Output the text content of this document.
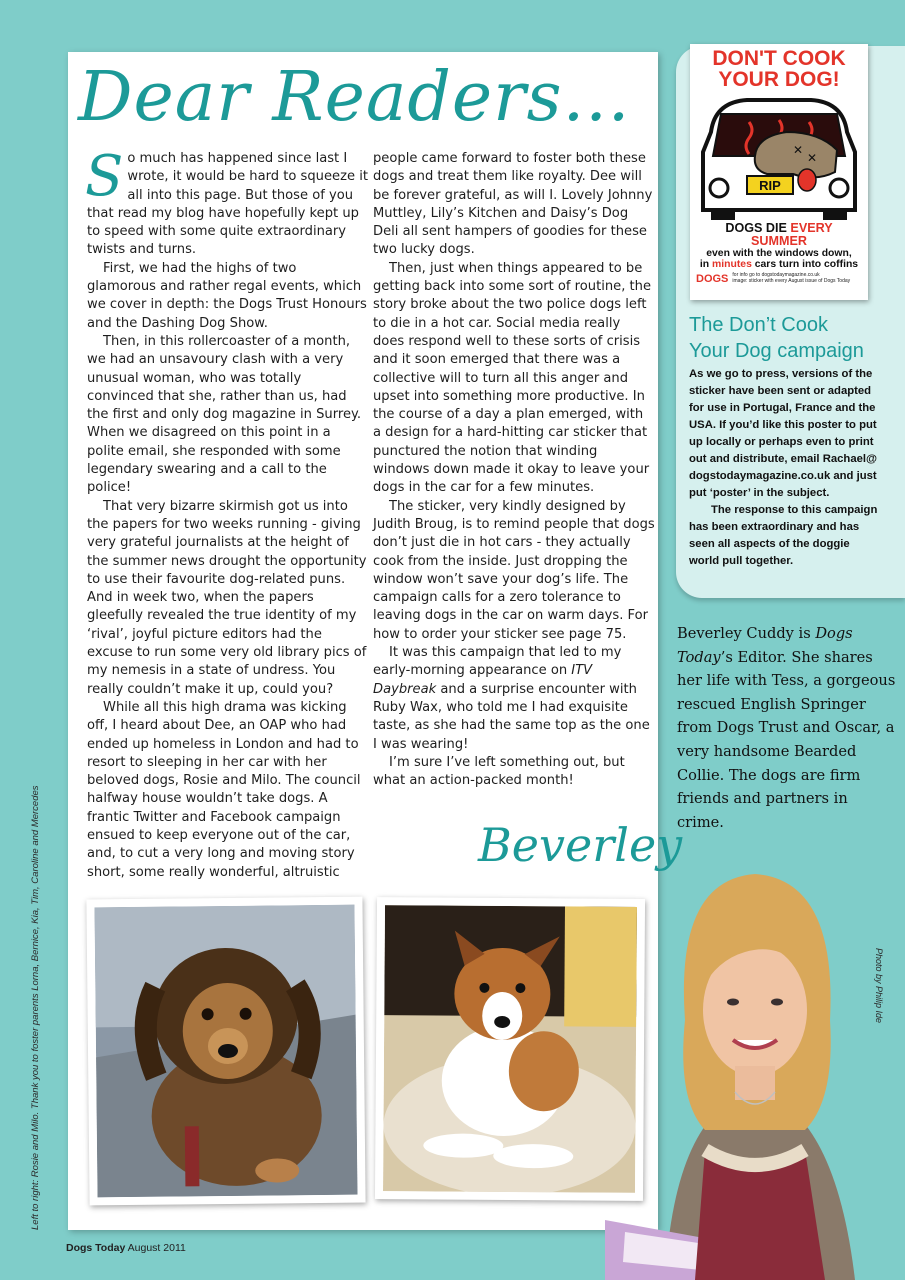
Dear Readers...

So much has happened since last I wrote, it would be hard to squeeze it all into this page. But those of you that read my blog have hopefully kept up to speed with some quite extraordinary twists and turns.

First, we had the highs of two glamorous and rather regal events, which we cover in depth: the Dogs Trust Honours and the Dashing Dog Show.

Then, in this rollercoaster of a month, we had an unsavoury clash with a very unusual woman, who was totally convinced that she, rather than us, had the first and only dog magazine in Surrey. When we disagreed on this point in a polite email, she responded with some legendary swearing and a call to the police!

That very bizarre skirmish got us into the papers for two weeks running - giving very grateful journalists at the height of the summer news drought the opportunity to use their favourite dog-related puns. And in week two, when the papers gleefully revealed the true identity of my ‘rival’, joyful picture editors had the excuse to run some very old library pics of my nemesis in a state of undress. You really couldn’t make it up, could you?

While all this high drama was kicking off, I heard about Dee, an OAP who had ended up homeless in London and had to resort to sleeping in her car with her beloved dogs, Rosie and Milo. The council halfway house wouldn’t take dogs. A frantic Twitter and Facebook campaign ensued to keep everyone out of the car, and, to cut a very long and moving story short, some really wonderful, altruistic

people came forward to foster both these dogs and treat them like royalty. Dee will be forever grateful, as will I. Lovely Johnny Muttley, Lily’s Kitchen and Daisy’s Dog Deli all sent hampers of goodies for these two lucky dogs.

Then, just when things appeared to be getting back into some sort of routine, the story broke about the two police dogs left to die in a hot car. Social media really does respond well to these sorts of crisis and it soon emerged that there was a collective will to turn all this anger and upset into something more productive. In the course of a day a plan emerged, with a design for a hard-hitting car sticker that punctured the notion that winding windows down made it okay to leave your dogs in the car for a few minutes.

The sticker, very kindly designed by Judith Broug, is to remind people that dogs don’t just die in hot cars - they actually cook from the inside. Just dropping the window won’t save your dog’s life. The campaign calls for a zero tolerance to leaving dogs in the car on warm days. For how to order your sticker see page 75.

It was this campaign that led to my early-morning appearance on ITV Daybreak and a surprise encounter with Ruby Wax, who told me I had exquisite taste, as she had the same top as the one I was wearing!

I’m sure I’ve left something out, but what an action-packed month!

Beverley
Left to right: Rosie and Milo. Thank you to foster parents Lorna, Bernice, Kia, Tim, Caroline and Mercedes
Dogs Today August 2011
DON'T COOK
YOUR DOG!
✕
✕
RIP
DOGS DIE EVERY SUMMER
even with the windows down,
in minutes cars turn into coffins
DOGS for info go to dogstodaymagazine.co.uk
image: sticker with every August issue of Dogs Today
The Don’t Cook
Your Dog campaign

As we go to press, versions of the sticker have been sent or adapted for use in Portugal, France and the USA. If you’d like this poster to put up locally or perhaps even to print out and distribute, email Rachael@ dogstodaymagazine.co.uk and just put ‘poster’ in the subject.

The response to this campaign has been extraordinary and has seen all aspects of the doggie world pull together.

Beverley Cuddy is Dogs Today’s Editor. She shares her life with Tess, a gorgeous rescued English Springer from Dogs Trust and Oscar, a very handsome Bearded Collie. The dogs are firm friends and partners in crime.
Photo by Philip Ide
